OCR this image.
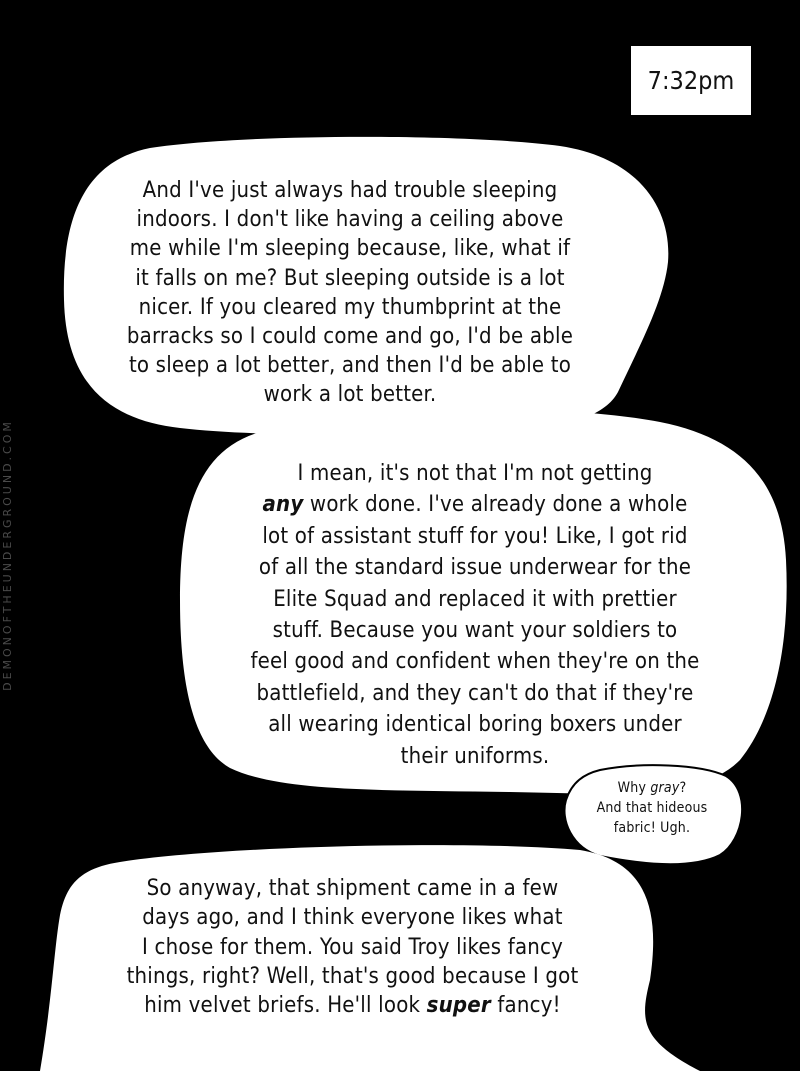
7:32pm
DEMONOFTHEUNDERGROUND.COM
And I've just always had trouble sleeping
indoors. I don't like having a ceiling above
me while I'm sleeping because, like, what if
it falls on me? But sleeping outside is a lot
nicer. If you cleared my thumbprint at the
barracks so I could come and go, I'd be able
to sleep a lot better, and then I'd be able to
work a lot better.
I mean, it's not that I'm not getting
any work done. I've already done a whole
lot of assistant stuff for you! Like, I got rid
of all the standard issue underwear for the
Elite Squad and replaced it with prettier
stuff. Because you want your soldiers to
feel good and confident when they're on the
battlefield, and they can't do that if they're
all wearing identical boring boxers under
their uniforms.
Why gray?
And that hideous
fabric! Ugh.
So anyway, that shipment came in a few
days ago, and I think everyone likes what
I chose for them. You said Troy likes fancy
things, right? Well, that's good because I got
him velvet briefs. He'll look super fancy!
